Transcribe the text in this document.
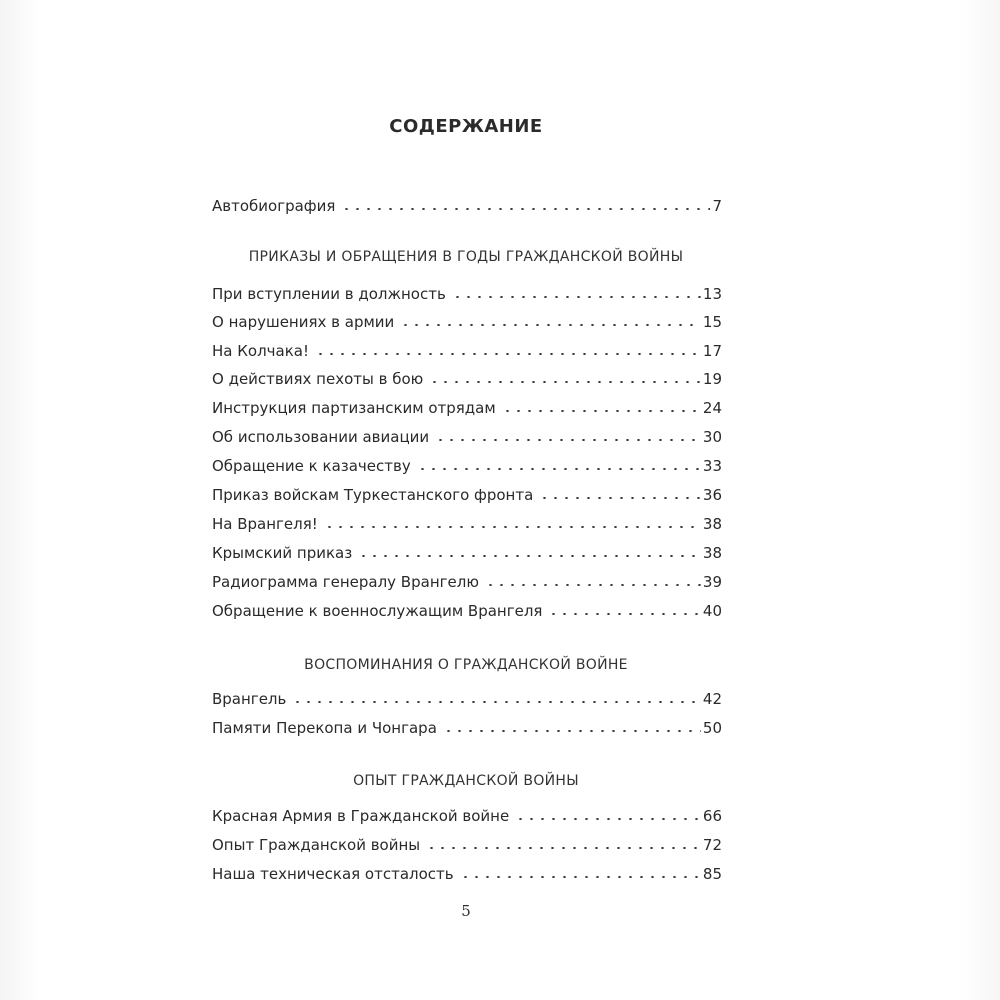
СОДЕРЖАНИЕ
Автобиография	7
ПРИКАЗЫ И ОБРАЩЕНИЯ В ГОДЫ ГРАЖДАНСКОЙ ВОЙНЫ
При вступлении в должность	13
О нарушениях в армии	15
На Колчака!	17
О действиях пехоты в бою	19
Инструкция партизанским отрядам	24
Об использовании авиации	30
Обращение к казачеству	33
Приказ войскам Туркестанского фронта	36
На Врангеля!	38
Крымский приказ	38
Радиограмма генералу Врангелю	39
Обращение к военнослужащим Врангеля	40
ВОСПОМИНАНИЯ О ГРАЖДАНСКОЙ ВОЙНЕ
Врангель	42
Памяти Перекопа и Чонгара	50
ОПЫТ ГРАЖДАНСКОЙ ВОЙНЫ
Красная Армия в Гражданской войне	66
Опыт Гражданской войны	72
Наша техническая отсталость	85
5
